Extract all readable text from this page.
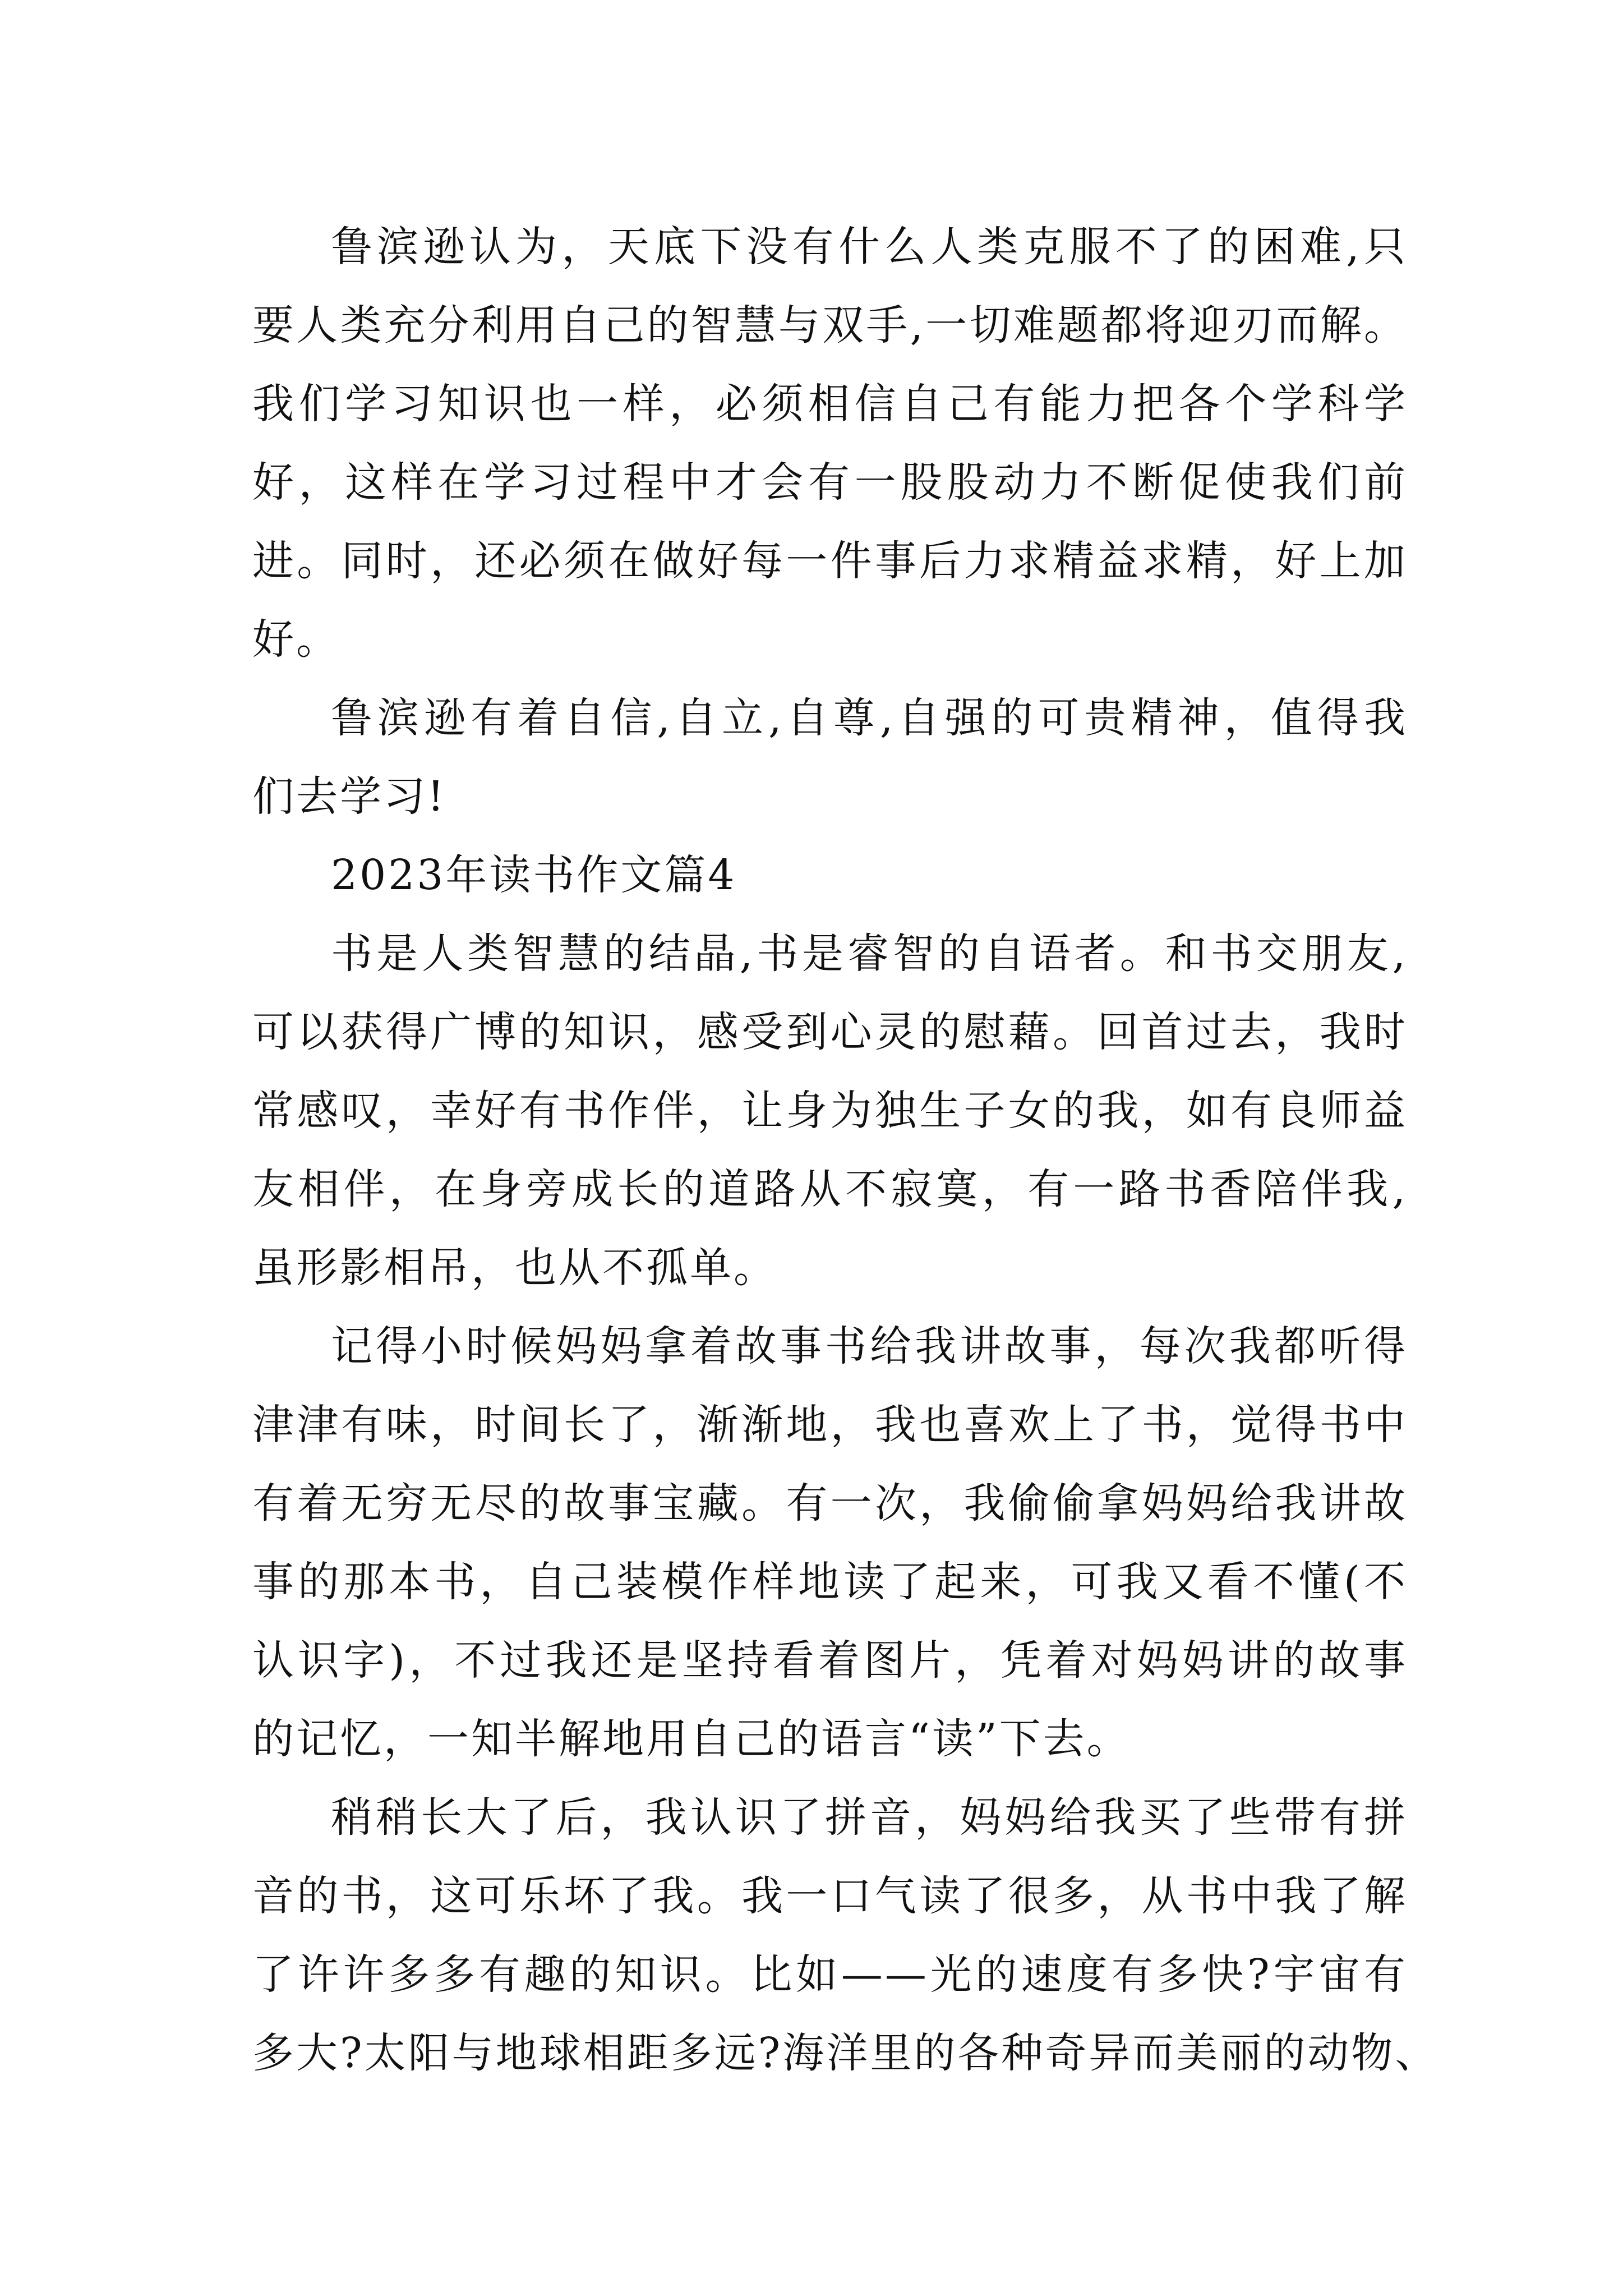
鲁滨逊认为，天底下没有什么人类克服不了的困难,只
要人类充分利用自己的智慧与双手,一切难题都将迎刃而解。
我们学习知识也一样，必须相信自己有能力把各个学科学
好，这样在学习过程中才会有一股股动力不断促使我们前
进。同时，还必须在做好每一件事后力求精益求精，好上加
好。
鲁滨逊有着自信,自立,自尊,自强的可贵精神，值得我
们去学习!
2023年读书作文篇4
书是人类智慧的结晶,书是睿智的自语者。和书交朋友,
可以获得广博的知识，感受到心灵的慰藉。回首过去，我时
常感叹，幸好有书作伴，让身为独生子女的我，如有良师益
友相伴，在身旁成长的道路从不寂寞，有一路书香陪伴我,
虽形影相吊，也从不孤单。
记得小时候妈妈拿着故事书给我讲故事，每次我都听得
津津有味，时间长了，渐渐地，我也喜欢上了书，觉得书中
有着无穷无尽的故事宝藏。有一次，我偷偷拿妈妈给我讲故
事的那本书，自己装模作样地读了起来，可我又看不懂(不
认识字)，不过我还是坚持看着图片，凭着对妈妈讲的故事
的记忆，一知半解地用自己的语言“读”下去。
稍稍长大了后，我认识了拼音，妈妈给我买了些带有拼
音的书，这可乐坏了我。我一口气读了很多，从书中我了解
了许许多多有趣的知识。比如——光的速度有多快?宇宙有
多大?太阳与地球相距多远?海洋里的各种奇异而美丽的动物、
